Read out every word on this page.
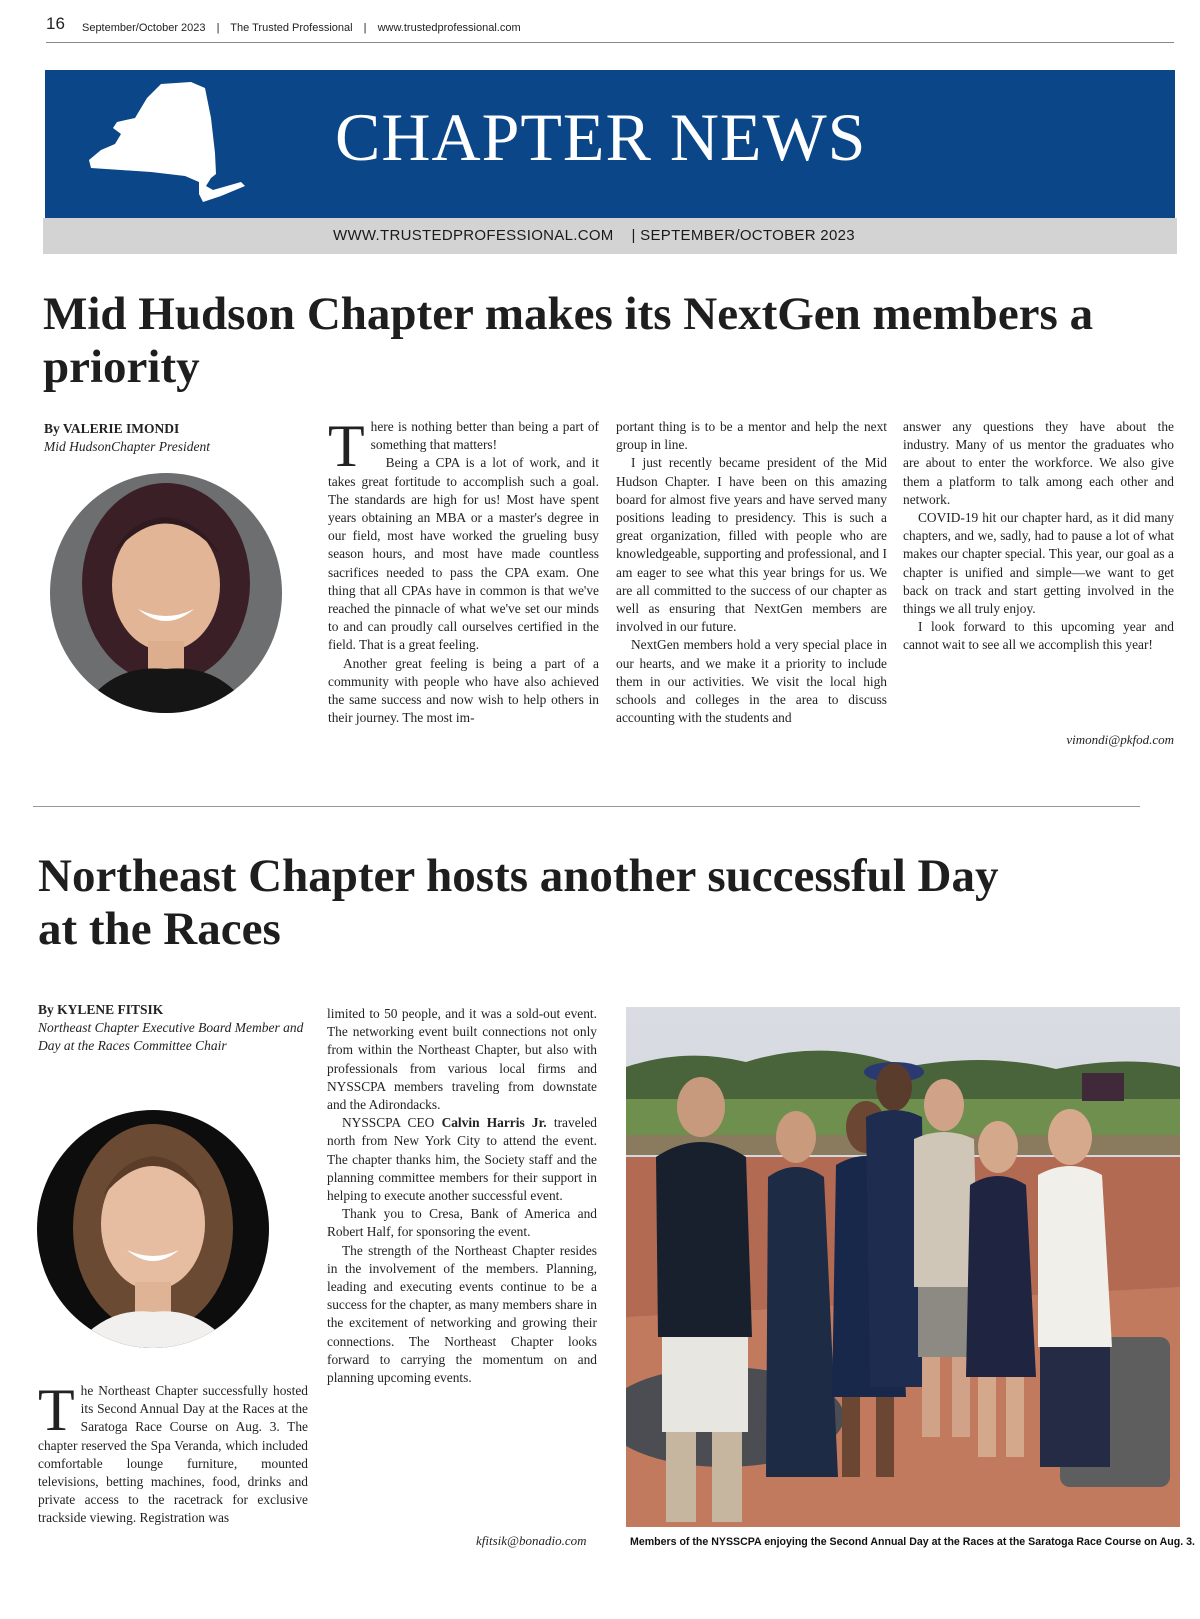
16 September/October 2023 | The Trusted Professional | www.trustedprofessional.com
CHAPTER NEWS
WWW.TRUSTEDPROFESSIONAL.COM | SEPTEMBER/OCTOBER 2023
Mid Hudson Chapter makes its NextGen members a priority
By VALERIE IMONDI
Mid HudsonChapter President	T here is nothing better than being a part of something that matters!

Being a CPA is a lot of work, and it takes great fortitude to accomplish such a goal. The standards are high for us! Most have spent years obtaining an MBA or a master's degree in our field, most have worked the grueling busy season hours, and most have made countless sacrifices needed to pass the CPA exam. One thing that all CPAs have in common is that we've reached the pinnacle of what we've set our minds to and can proudly call ourselves certified in the field. That is a great feeling.

Another great feeling is being a part of a community with people who have also achieved the same success and now wish to help others in their journey. The most im-

portant thing is to be a mentor and help the next group in line.

I just recently became president of the Mid Hudson Chapter. I have been on this amazing board for almost five years and have served many positions leading to presidency. This is such a great organization, filled with people who are knowledgeable, supporting and professional, and I am eager to see what this year brings for us. We are all committed to the success of our chapter as well as ensuring that NextGen members are involved in our future.

NextGen members hold a very special place in our hearts, and we make it a priority to include them in our activities. We visit the local high schools and colleges in the area to discuss accounting with the students and

answer any questions they have about the industry. Many of us mentor the graduates who are about to enter the workforce. We also give them a platform to talk among each other and network.

COVID-19 hit our chapter hard, as it did many chapters, and we, sadly, had to pause a lot of what makes our chapter special. This year, our goal as a chapter is unified and simple—we want to get back on track and start getting involved in the things we all truly enjoy.

I look forward to this upcoming year and cannot wait to see all we accomplish this year!

vimondi@pkfod.com
Northeast Chapter hosts another successful Day at the Races
By KYLENE FITSIK
Northeast Chapter Executive Board Member and Day at the Races Committee Chair
T he Northeast Chapter successfully hosted its Second Annual Day at the Races at the Saratoga Race Course on Aug. 3. The chapter reserved the Spa Veranda, which included comfortable lounge furniture, mounted televisions, betting machines, food, drinks and private access to the racetrack for exclusive trackside viewing. Registration was

limited to 50 people, and it was a sold-out event. The networking event built connections not only from within the Northeast Chapter, but also with professionals from various local firms and NYSSCPA members traveling from downstate and the Adirondacks.

NYSSCPA CEO Calvin Harris Jr. traveled north from New York City to attend the event. The chapter thanks him, the Society staff and the planning committee members for their support in helping to execute another successful event.

Thank you to Cresa, Bank of America and Robert Half, for sponsoring the event.

The strength of the Northeast Chapter resides in the involvement of the members. Planning, leading and executing events continue to be a success for the chapter, as many members share in the excitement of networking and growing their connections. The Northeast Chapter looks forward to carrying the momentum on and planning upcoming events.

kfitsik@bonadio.com	Members of the NYSSCPA enjoying the Second Annual Day at the Races at the Saratoga Race Course on Aug. 3.
